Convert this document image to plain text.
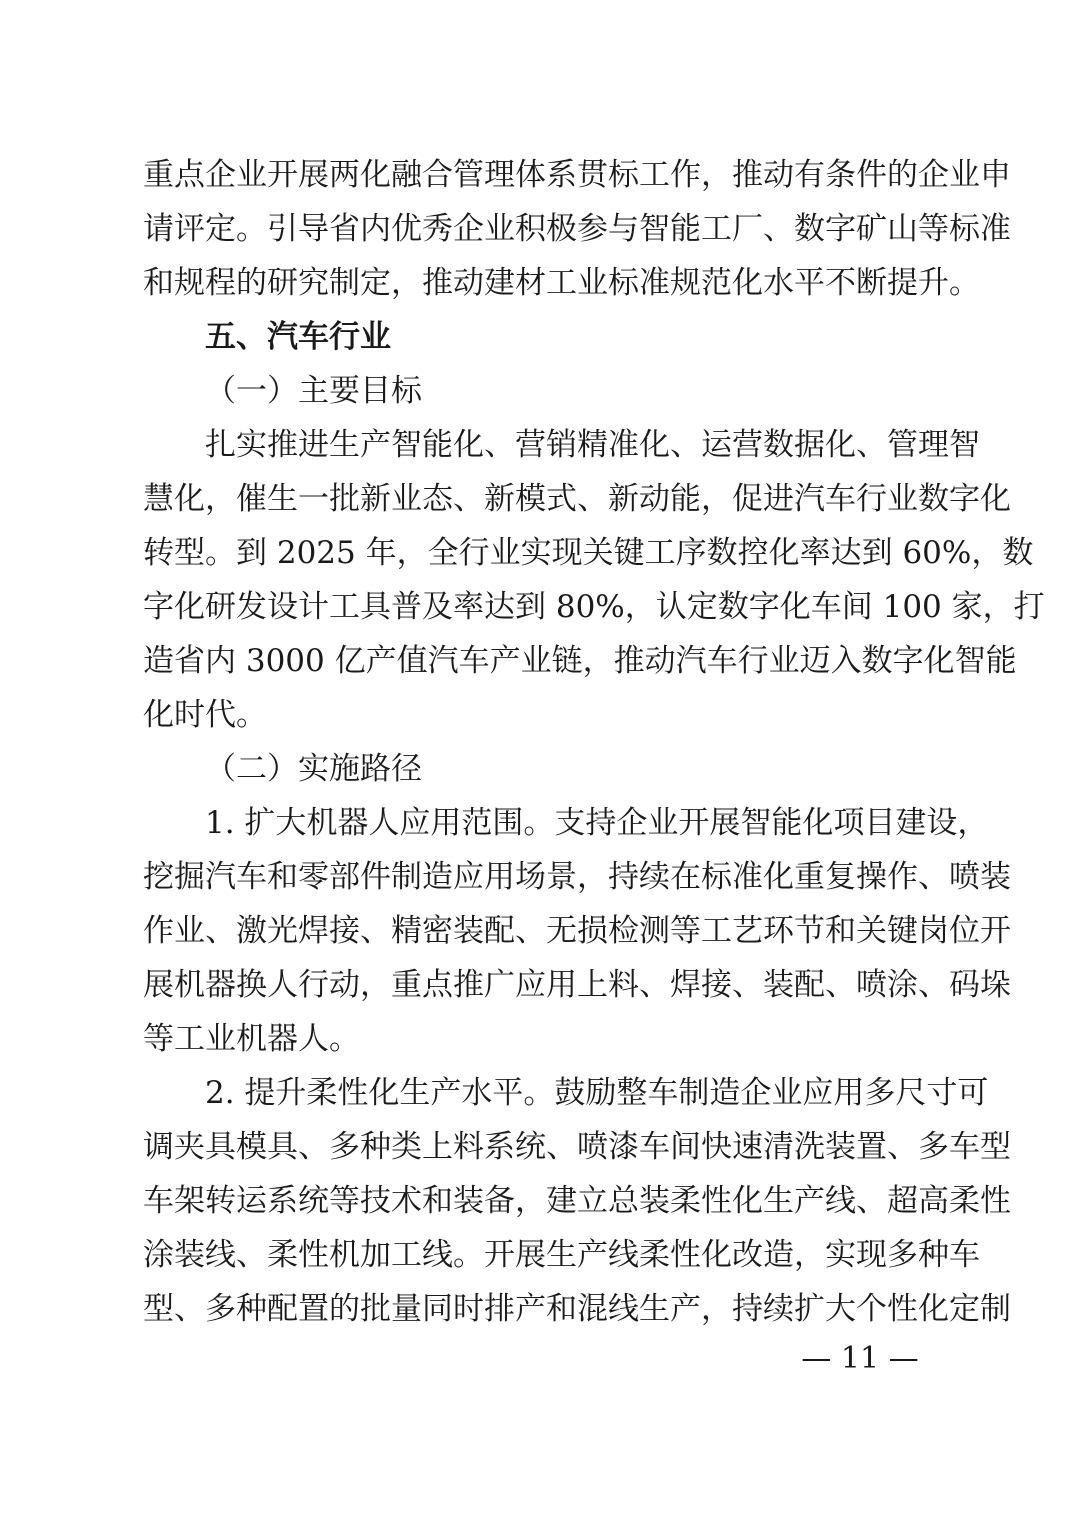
重点企业开展两化融合管理体系贯标工作，推动有条件的企业申
请评定。引导省内优秀企业积极参与智能工厂、数字矿山等标准
和规程的研究制定，推动建材工业标准规范化水平不断提升。
五、汽车行业
（一）主要目标
扎实推进生产智能化、营销精准化、运营数据化、管理智
慧化，催生一批新业态、新模式、新动能，促进汽车行业数字化
转型。到 2025 年，全行业实现关键工序数控化率达到 60%，数
字化研发设计工具普及率达到 80%，认定数字化车间 100 家，打
造省内 3000 亿产值汽车产业链，推动汽车行业迈入数字化智能
化时代。
（二）实施路径
1. 扩大机器人应用范围。支持企业开展智能化项目建设，
挖掘汽车和零部件制造应用场景，持续在标准化重复操作、喷装
作业、激光焊接、精密装配、无损检测等工艺环节和关键岗位开
展机器换人行动，重点推广应用上料、焊接、装配、喷涂、码垛
等工业机器人。
2. 提升柔性化生产水平。鼓励整车制造企业应用多尺寸可
调夹具模具、多种类上料系统、喷漆车间快速清洗装置、多车型
车架转运系统等技术和装备，建立总装柔性化生产线、超高柔性
涂装线、柔性机加工线。开展生产线柔性化改造，实现多种车
型、多种配置的批量同时排产和混线生产，持续扩大个性化定制
— 11 —
